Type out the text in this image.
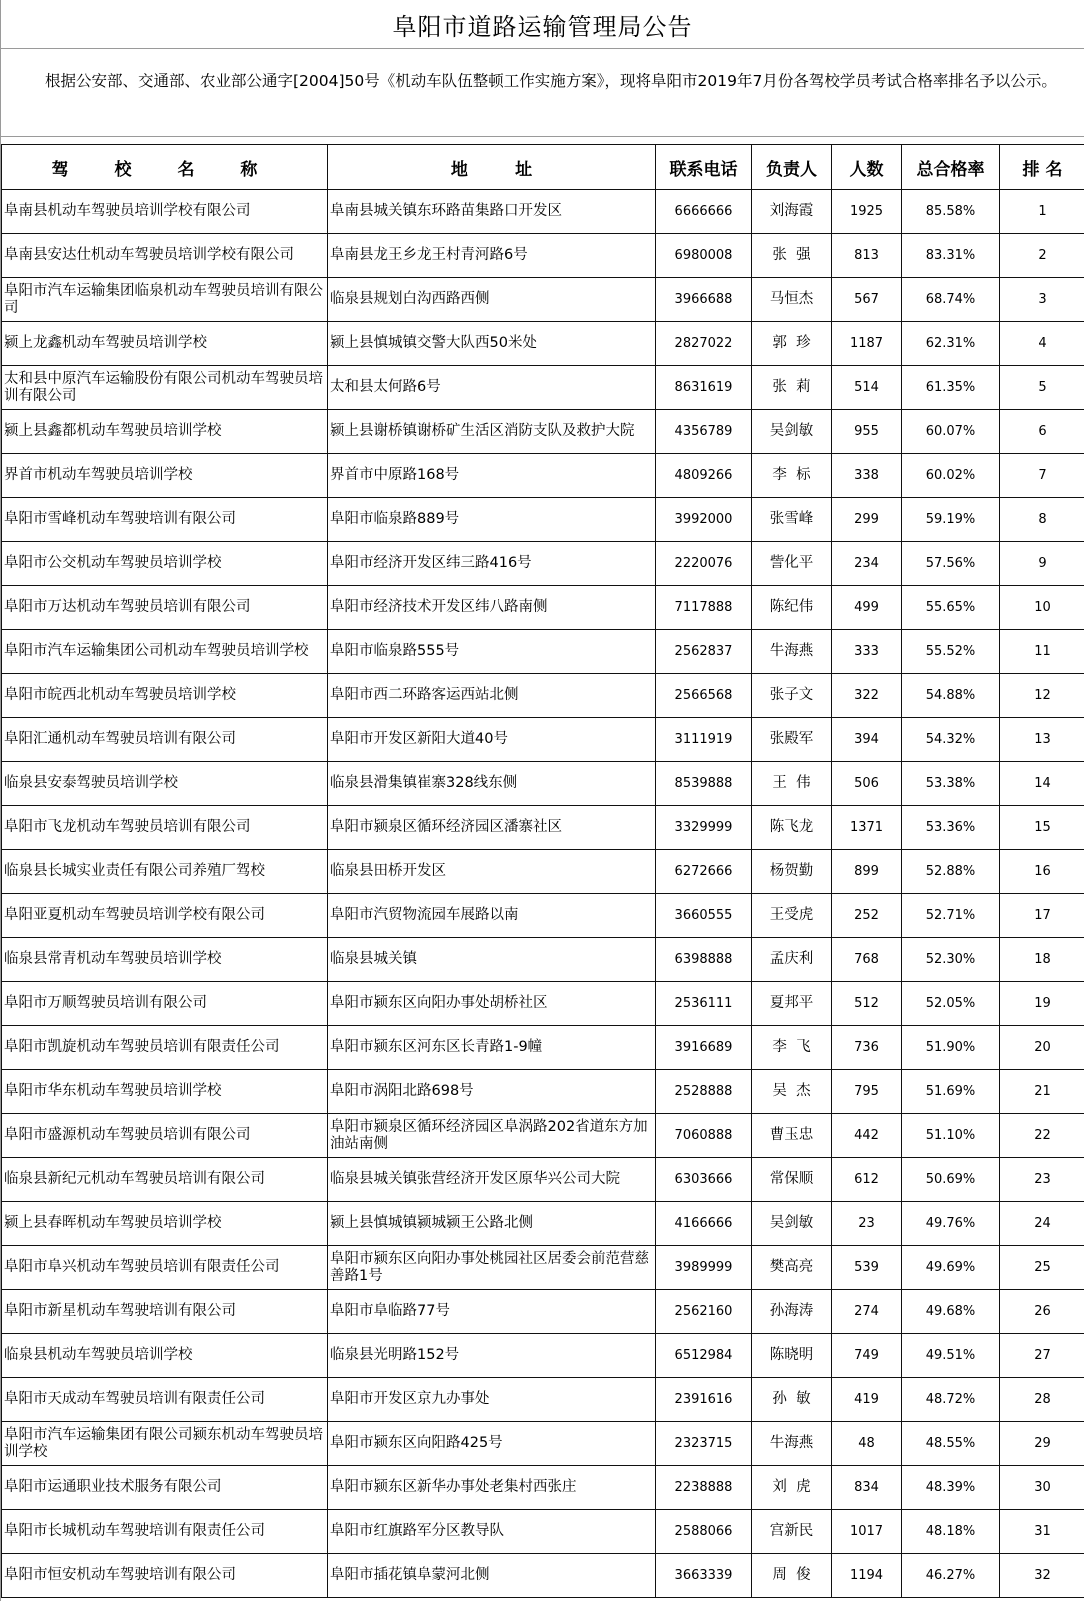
阜阳市道路运输管理局公告
根据公安部、交通部、农业部公通字[2004]50号《机动车队伍整顿工作实施方案》，现将阜阳市2019年7月份各驾校学员考试合格率排名予以公示。
驾 校 名 称	地        址	联系电话	负责人	人数	总合格率	排 名
阜南县机动车驾驶员培训学校有限公司	阜南县城关镇东环路苗集路口开发区	6666666	刘海霞	1925	85.58%	1
阜南县安达仕机动车驾驶员培训学校有限公司	阜南县龙王乡龙王村青河路6号	6980008	张  强	813	83.31%	2
阜阳市汽车运输集团临泉机动车驾驶员培训有限公司	临泉县规划白沟西路西侧	3966688	马恒杰	567	68.74%	3
颍上龙鑫机动车驾驶员培训学校	颍上县慎城镇交警大队西50米处	2827022	郭  珍	1187	62.31%	4
太和县中原汽车运输股份有限公司机动车驾驶员培训有限公司	太和县太何路6号	8631619	张  莉	514	61.35%	5
颍上县鑫都机动车驾驶员培训学校	颍上县谢桥镇谢桥矿生活区消防支队及救护大院	4356789	吴剑敏	955	60.07%	6
界首市机动车驾驶员培训学校	界首市中原路168号	4809266	李  标	338	60.02%	7
阜阳市雪峰机动车驾驶培训有限公司	阜阳市临泉路889号	3992000	张雪峰	299	59.19%	8
阜阳市公交机动车驾驶员培训学校	阜阳市经济开发区纬三路416号	2220076	訾化平	234	57.56%	9
阜阳市万达机动车驾驶员培训有限公司	阜阳市经济技术开发区纬八路南侧	7117888	陈纪伟	499	55.65%	10
阜阳市汽车运输集团公司机动车驾驶员培训学校	阜阳市临泉路555号	2562837	牛海燕	333	55.52%	11
阜阳市皖西北机动车驾驶员培训学校	阜阳市西二环路客运西站北侧	2566568	张子文	322	54.88%	12
阜阳汇通机动车驾驶员培训有限公司	阜阳市开发区新阳大道40号	3111919	张殿军	394	54.32%	13
临泉县安泰驾驶员培训学校	临泉县滑集镇崔寨328线东侧	8539888	王  伟	506	53.38%	14
阜阳市飞龙机动车驾驶员培训有限公司	阜阳市颍泉区循环经济园区潘寨社区	3329999	陈飞龙	1371	53.36%	15
临泉县长城实业责任有限公司养殖厂驾校	临泉县田桥开发区	6272666	杨贺勤	899	52.88%	16
阜阳亚夏机动车驾驶员培训学校有限公司	阜阳市汽贸物流园车展路以南	3660555	王受虎	252	52.71%	17
临泉县常青机动车驾驶员培训学校	临泉县城关镇	6398888	孟庆利	768	52.30%	18
阜阳市万顺驾驶员培训有限公司	阜阳市颍东区向阳办事处胡桥社区	2536111	夏邦平	512	52.05%	19
阜阳市凯旋机动车驾驶员培训有限责任公司	阜阳市颍东区河东区长青路1-9幢	3916689	李  飞	736	51.90%	20
阜阳市华东机动车驾驶员培训学校	阜阳市涡阳北路698号	2528888	吴  杰	795	51.69%	21
阜阳市盛源机动车驾驶员培训有限公司	阜阳市颍泉区循环经济园区阜涡路202省道东方加油站南侧	7060888	曹玉忠	442	51.10%	22
临泉县新纪元机动车驾驶员培训有限公司	临泉县城关镇张营经济开发区原华兴公司大院	6303666	常保顺	612	50.69%	23
颍上县春晖机动车驾驶员培训学校	颍上县慎城镇颍城颍王公路北侧	4166666	吴剑敏	23	49.76%	24
阜阳市阜兴机动车驾驶员培训有限责任公司	阜阳市颍东区向阳办事处桃园社区居委会前范营慈善路1号	3989999	樊高亮	539	49.69%	25
阜阳市新星机动车驾驶培训有限公司	阜阳市阜临路77号	2562160	孙海涛	274	49.68%	26
临泉县机动车驾驶员培训学校	临泉县光明路152号	6512984	陈晓明	749	49.51%	27
阜阳市天成动车驾驶员培训有限责任公司	阜阳市开发区京九办事处	2391616	孙  敏	419	48.72%	28
阜阳市汽车运输集团有限公司颍东机动车驾驶员培训学校	阜阳市颍东区向阳路425号	2323715	牛海燕	48	48.55%	29
阜阳市运通职业技术服务有限公司	阜阳市颍东区新华办事处老集村西张庄	2238888	刘  虎	834	48.39%	30
阜阳市长城机动车驾驶培训有限责任公司	阜阳市红旗路军分区教导队	2588066	宫新民	1017	48.18%	31
阜阳市恒安机动车驾驶培训有限公司	阜阳市插花镇阜蒙河北侧	3663339	周  俊	1194	46.27%	32
